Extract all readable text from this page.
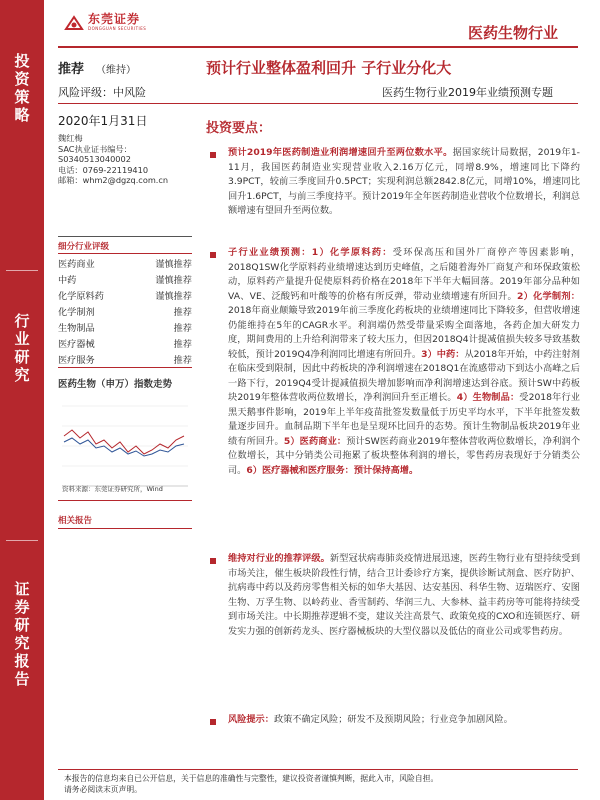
投
资
策
略
行
业
研
究
证
券
研
究
报
告
东莞证券
DONGGUAN SECURITIES	医药生物行业
推荐 （维持）	预计行业整体盈利回升 子行业分化大
风险评级：中风险	医药生物行业2019年业绩预测专题
2020年1月31日
魏红梅
SAC执业证书编号：
S0340513040002
电话：0769-22119410
邮箱：whm2@dgzq.com.cn
细分行业评级
医药商业	谨慎推荐
中药	谨慎推荐
化学原料药	谨慎推荐
化学制剂	推荐
生物制品	推荐
医疗器械	推荐
医疗服务	推荐
医药生物（申万）指数走势
资料来源：东莞证券研究所，Wind
相关报告
投资要点：
预计2019年医药制造业利润增速回升至两位数水平。据国家统计局数据，2019年1-11月，我国医药制造业实现营业收入2.16万亿元，同增8.9%，增速同比下降约3.9PCT，较前三季度回升0.5PCT；实现利润总额2842.8亿元，同增10%，增速同比回升1.6PCT，与前三季度持平。预计2019年全年医药制造业营收个位数增长，利润总额增速有望回升至两位数。
子行业业绩预测：1）化学原料药：受环保高压和国外厂商停产等因素影响，2018Q1SW化学原料药业绩增速达到历史峰值，之后随着海外厂商复产和环保政策松动，原料药产量提升促使原料药价格在2018年下半年大幅回落。2019年部分品种如VA、VE、泛酸钙和叶酸等的价格有所反弹，带动业绩增速有所回升。2）化学制剂：2018年商业颠簸导致2019年前三季度化药板块的业绩增速同比下降较多，但营收增速仍能维持在5年的CAGR水平。利润端仍然受带量采购全面落地，各药企加大研发力度，期间费用的上升给利润带来了较大压力，但因2018Q4计提减值损失较多导致基数较低，预计2019Q4净利润同比增速有所回升。3）中药：从2018年开始，中药注射剂在临床受到限制，因此中药板块的净利润增速在2018Q1在流感带动下到达小高峰之后一路下行，2019Q4受计提减值损失增加影响而净利润增速达到谷底。预计SW中药板块2019年整体营收两位数增长，净利润回升至正增长。4）生物制品：受2018年行业黑天鹅事件影响，2019年上半年疫苗批签发数量低于历史平均水平，下半年批签发数量逐步回升。血制品期下半年也是呈现环比回升的态势。预计生物制品板块2019年业绩有所回升。5）医药商业：预计SW医药商业2019年整体营收两位数增长，净利润个位数增长，其中分销类公司拖累了板块整体利润的增长，零售药房表现好于分销类公司。6）医疗器械和医疗服务：预计保持高增。
维持对行业的推荐评级。新型冠状病毒肺炎疫情进展迅速，医药生物行业有望持续受到市场关注，催生板块阶段性行情，结合卫计委诊疗方案，提供诊断试剂盒、医疗防护、抗病毒中药以及药房零售相关标的如华大基因、达安基因、科华生物、迈瑞医疗、安图生物、万孚生物、以岭药业、香雪制药、华润三九、大参林、益丰药房等可能将持续受到市场关注。中长期推荐逻辑不变，建议关注高景气、政策免疫的CXO和连锁医疗、研发实力强的创新药龙头、医疗器械板块的大型仪器以及低估的商业公司或零售药房。
风险提示：政策不确定风险；研发不及预期风险；行业竞争加剧风险。
本报告的信息均来自已公开信息，关于信息的准确性与完整性，建议投资者谨慎判断，据此入市，风险自担。
请务必阅读末页声明。
